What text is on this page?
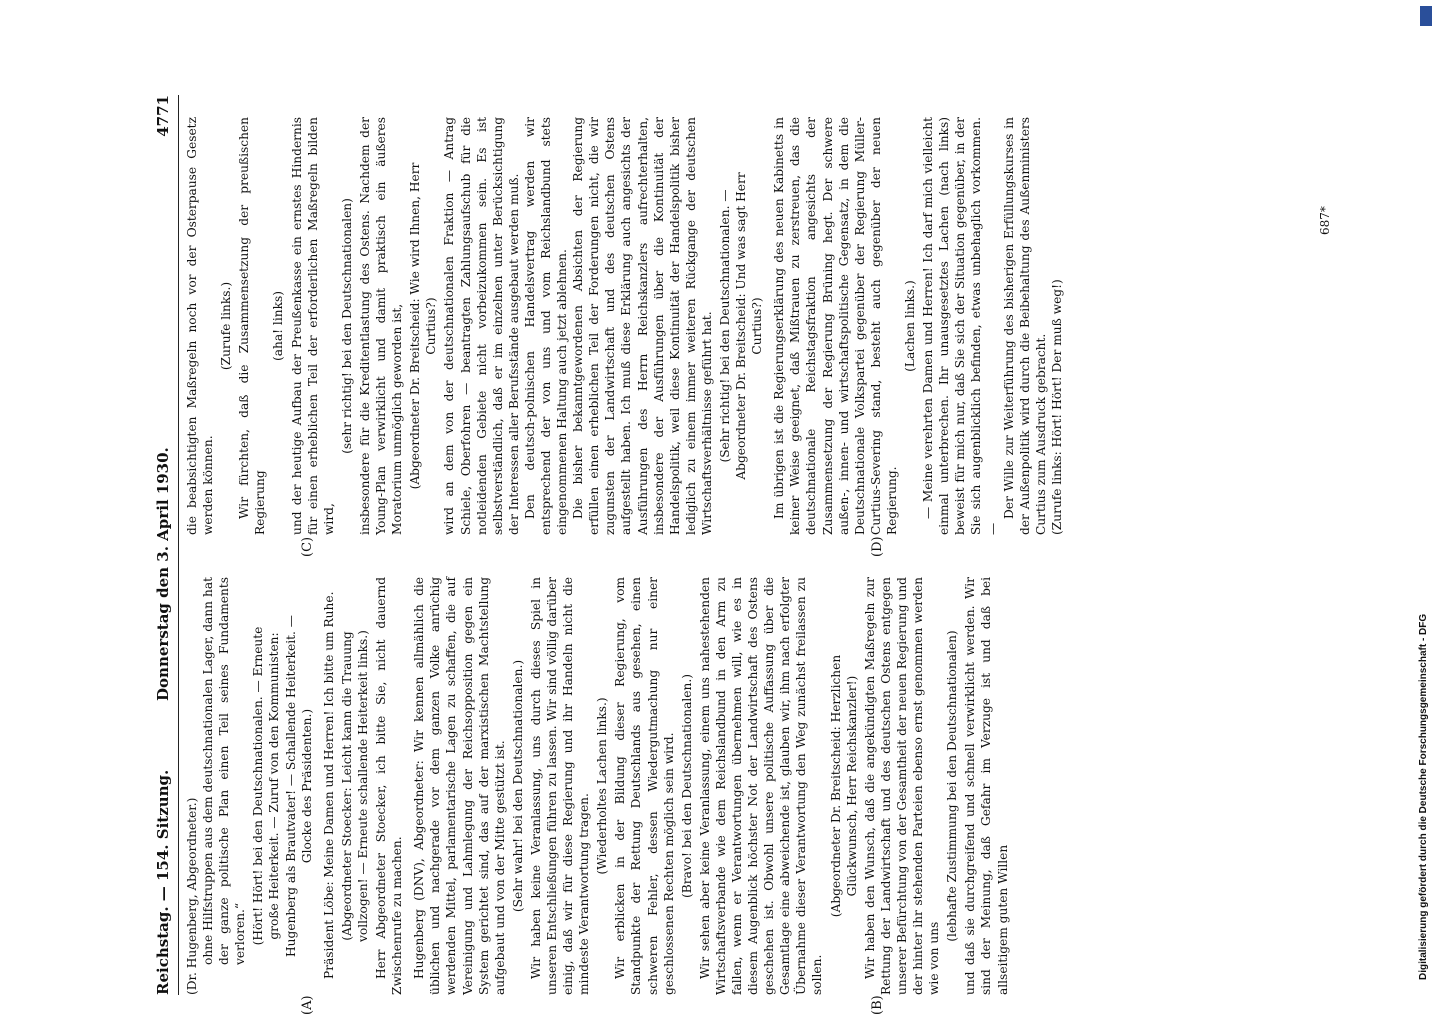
Digitalisierung gefördert durch die Deutsche Forschungsgemeinschaft - DFG
Reichstag. — 154. Sitzung.
Donnerstag den 3. April 1930.  4771
(A)	(B)
(C)	(D)

(Dr. Hugenberg, Abgeordneter.) ohne Hilfstruppen aus dem deutschnationalen Lager, dann hat der ganze politische Plan einen Teil seines Fundaments verloren.“ (Hört! Hört! bei den Deutschnationalen. — Erneute große Heiterkeit. — Zuruf von den Kommunisten: Hugenberg als Brautvater! — Schallende Heiterkeit. — Glocke des Präsidenten.) Präsident Löbe: Meine Damen und Herren! Ich bitte um Ruhe. (Abgeordneter Stoecker: Leicht kann die Trauung vollzogen! — Erneute schallende Heiterkeit links.) Herr Abgeordneter Stoecker, ich bitte Sie, nicht dauernd Zwischenrufe zu machen. Hugenberg (DNV), Abgeordneter: Wir kennen allmählich die üblichen und nachgerade vor dem ganzen Volke anrüchig werdenden Mittel, parlamentarische Lagen zu schaffen, die auf Vereinigung und Lahmlegung der Reichsopposition gegen ein System gerichtet sind, das auf der marxistischen Machtstellung aufgebaut und von der Mitte gestützt ist. (Sehr wahr! bei den Deutschnationalen.) Wir haben keine Veranlassung, uns durch dieses Spiel in unseren Entschließungen führen zu lassen. Wir sind völlig darüber einig, daß wir für diese Regierung und ihr Handeln nicht die mindeste Verantwortung tragen.

(Wiederholtes Lachen links.) Wir erblicken in der Bildung dieser Regierung, vom Standpunkte der Rettung Deutschlands aus gesehen, einen schweren Fehler, dessen Wiedergutmachung nur einer geschlossenen Rechten möglich sein wird. (Bravo! bei den Deutschnationalen.) Wir sehen aber keine Veranlassung, einem uns nahestehenden Wirtschaftsverbande wie dem Reichslandbund in den Arm zu fallen, wenn er Verantwortungen übernehmen will, wie es in diesem Augenblick höchster Not der Landwirtschaft des Ostens geschehen ist. Obwohl unsere politische Auffassung über die Gesamtlage eine abweichende ist, glauben wir, ihm nach erfolgter Übernahme dieser Verantwortung den Weg zunächst freilassen zu sollen.

(Abgeordneter Dr. Breitscheid: Herzlichen Glückwunsch, Herr Reichskanzler!) Wir haben den Wunsch, daß die angekündigten Maßregeln zur Rettung der Landwirtschaft und des deutschen Ostens entgegen unserer Befürchtung von der Gesamtheit der neuen Regierung und der hinter ihr stehenden Parteien ebenso ernst genommen werden wie von uns

(lebhafte Zustimmung bei den Deutschnationalen) und daß sie durchgreifend und schnell verwirklicht werden. Wir sind der Meinung, daß Gefahr im Verzuge ist und daß bei allseitigem guten Willen

die beabsichtigten Maßregeln noch vor der Osterpause Gesetz werden können.

(Zurufe links.) Wir fürchten, daß die Zusammensetzung der preußischen Regierung

(aha! links) und der heutige Aufbau der Preußenkasse ein ernstes Hindernis für einen erheblichen Teil der erforderlichen Maßregeln bilden wird,

(sehr richtig! bei den Deutschnationalen) insbesondere für die Kreditentlastung des Ostens. Nachdem der Young-Plan verwirklicht und damit praktisch ein äußeres Moratorium unmöglich geworden ist, (Abgeordneter Dr. Breitscheid: Wie wird Ihnen, Herr Curtius?) wird an dem von der deutschnationalen Fraktion — Antrag Schiele, Oberfohren — beantragten Zahlungsaufschub für die notleidenden Gebiete nicht vorbeizukommen sein. Es ist selbstverständlich, daß er im einzelnen unter Berücksichtigung der Interessen aller Berufsstände ausgebaut werden muß. Den deutsch-polnischen Handelsvertrag werden wir entsprechend der von uns und vom Reichslandbund stets eingenommenen Haltung auch jetzt ablehnen. Die bisher bekanntgewordenen Absichten der Regierung erfüllen einen erheblichen Teil der Forderungen nicht, die wir zugunsten der Landwirtschaft und des deutschen Ostens aufgestellt haben. Ich muß diese Erklärung auch angesichts der Ausführungen des Herrn Reichskanzlers aufrechterhalten, insbesondere der Ausführungen über die Kontinuität der Handelspolitik, weil diese Kontinuität der Handelspolitik bisher lediglich zu einem immer weiteren Rückgange der deutschen Wirtschaftsverhältnisse geführt hat. (Sehr richtig! bei den Deutschnationalen. — Abgeordneter Dr. Breitscheid: Und was sagt Herr Curtius?) Im übrigen ist die Regierungserklärung des neuen Kabinetts in keiner Weise geeignet, daß Mißtrauen zu zerstreuen, das die deutschnationale Reichstagsfraktion angesichts der Zusammensetzung der Regierung Brüning hegt. Der schwere außen-, innen- und wirtschaftspolitische Gegensatz, in dem die Deutschnationale Volkspartei gegenüber der Regierung Müller-Curtius-Severing stand, besteht auch gegenüber der neuen Regierung.

(Lachen links.) — Meine verehrten Damen und Herren! Ich darf mich vielleicht einmal unterbrechen. Ihr unausgesetztes Lachen (nach links) beweist für mich nur, daß Sie sich der Situation gegenüber, in der Sie sich augenblicklich befinden, etwas unbehaglich vorkommen. —

Der Wille zur Weiterführung des bisherigen Erfüllungskurses in der Außenpolitik wird durch die Beibehaltung des Außenministers Curtius zum Ausdruck gebracht. (Zurufe links: Hört! Hört! Der muß weg!)

687*
